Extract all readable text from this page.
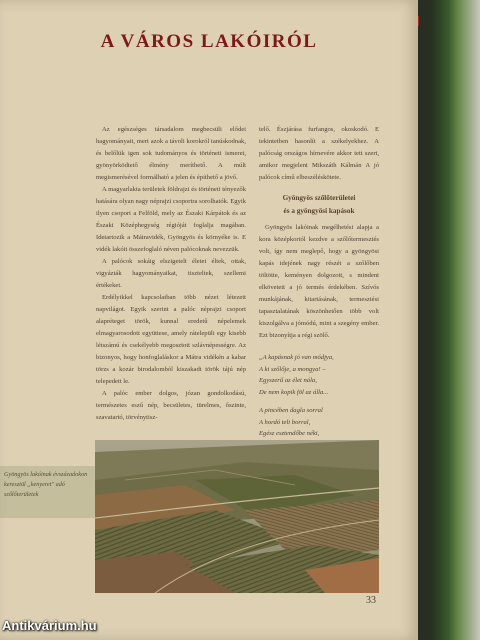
A VÁROS LAKÓIRÓL

Az egészséges társadalom megbecsüli elődei hagyományait, mert azok a távoli korokról tanúskodnak, és belőlük igen sok tudományos és történeti ismeret, gyönyörködtető élmény meríthető. A múlt megismerésével formálható a jelen és építhető a jövő.

A magyarlakta területek földrajzi és történeti tényezők hatására olyan nagy néprajzi csoportra sorolhatók. Egyik ilyen csoport a Felföld, mely az Északi Kárpátok és az Északi Középhegység régióját foglalja magában. Idetartozik a Mátravidék, Gyöngyös és környéke is. E vidék lakóit összefoglaló néven palócoknak nevezzük.

A palócok sokáig elszigetelt életet éltek, ottak, vigyázták hagyományaikat, tiszteltek, szellemi értékeket.

Erdélyikkel kapcsolatban több nézet létezett napvilágot. Egyik szerint a palóc néprajzi csoport alapréteget török, kunnal eredetű népelemek elmagyarosodott együttese, amely rátelepült egy kisebb létszámú és csekélyebb megosztott szlávnépességre. Az bizonyos, hogy honfoglaláskor a Mátra vidékén a kabar törzs a kozár birodalomból kiszakadt török tájú nép telepedett le.

A palóc ember dolgos, józan gondolkodású, természetes eszű nép, becsületes, türelmes, őszinte, szavatartó, törvénytisz-

telő. Észjárása furfangos, okoskodó. E tekintetben hasonlít a székelyekhez. A palócság országos hírnevére akkor tett szert, amikor megjelent Mikszáth Kálmán A jó palócok című elbeszéléskötete.

Gyöngyös szőlőterületei
és a gyöngyösi kapások

Gyöngyös lakóinak megélhetési alapja a kora középkortól kezdve a szőlőtermesztés volt, így nem meglepő, hogy a gyöngyösi kapás idejének nagy részét a szőlőben töltötte, keményen dolgozott, s mindent elkövetett a jó termés érdekében. Szívós munkájának, kitartásának, termesztési tapasztalatának köszönhetően több volt kiszolgálva a jómódú, mint a szegény ember. Ezt bizonyítja a régi szölő.

„A kapásnak jó van módjya,

A ki szőlője, a mongya! –

Egyszerű az élet nála,

De nem kopik föl az álla...

A pincében dagla sorral

A hordó teli borral,

Egész esztendőbe néki,

Gyöngyös lakóinak évszázadokon keresztül „kenyeret" adó szőlőterületek
33
Antikvárium.hu
